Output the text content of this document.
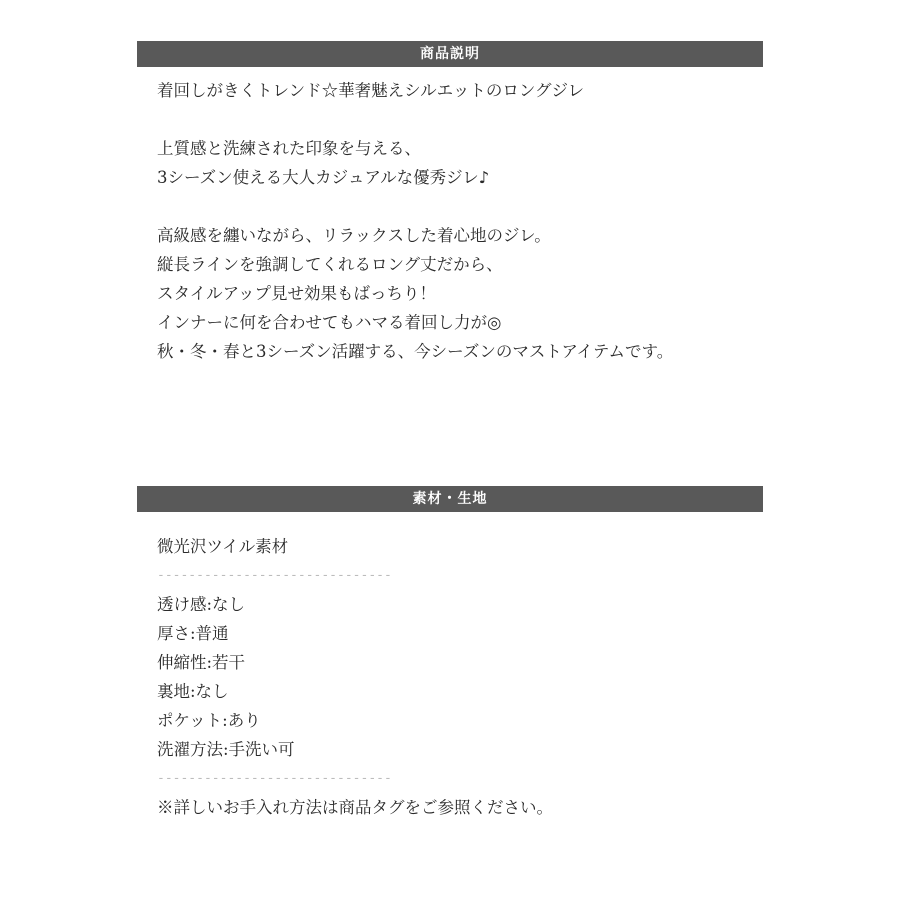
商品説明
着回しがきくトレンド☆華奢魅えシルエットのロングジレ
上質感と洗練された印象を与える、
3シーズン使える大人カジュアルな優秀ジレ♪
高級感を纏いながら、リラックスした着心地のジレ。
縦長ラインを強調してくれるロング丈だから、
スタイルアップ見せ効果もばっちり！
インナーに何を合わせてもハマる着回し力が◎
秋・冬・春と3シーズン活躍する、今シーズンのマストアイテムです。
素材・生地
微光沢ツイル素材
------------------------------
透け感:なし
厚さ:普通
伸縮性:若干
裏地:なし
ポケット:あり
洗濯方法:手洗い可
------------------------------
※詳しいお手入れ方法は商品タグをご参照ください。
